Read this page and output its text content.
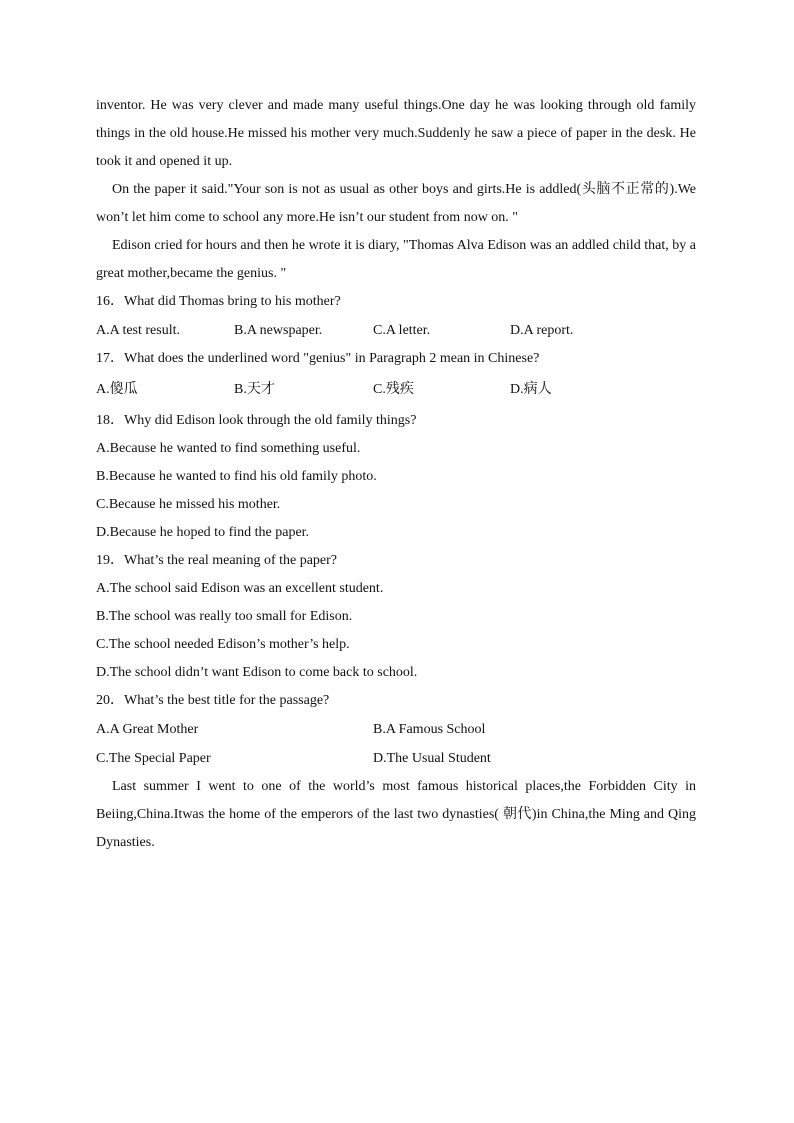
inventor. He was very clever and made many useful things.One day he was looking through old family things in the old house.He missed his mother very much.Suddenly he saw a piece of paper in the desk. He took it and opened it up.

On the paper it said."Your son is not as usual as other boys and girts.He is addled(头脑不正常的).We won’t let him come to school any more.He isn’t our student from now on. "

Edison cried for hours and then he wrote it is diary, "Thomas Alva Edison was an addled child that, by a great mother,became the genius. "

16．What did Thomas bring to his mother?
A.A test result.	B.A newspaper.	C.A letter.	D.A report.
17．What does the underlined word "genius" in Paragraph 2 mean in Chinese?
A.傻瓜	B.天才	C.残疾	D.病人
18．Why did Edison look through the old family things?
A.Because he wanted to find something useful.
B.Because he wanted to find his old family photo.
C.Because he missed his mother.
D.Because he hoped to find the paper.
19．What’s the real meaning of the paper?
A.The school said Edison was an excellent student.
B.The school was really too small for Edison.
C.The school needed Edison’s mother’s help.
D.The school didn’t want Edison to come back to school.
20．What’s the best title for the passage?
A.A Great Mother	B.A Famous School
C.The Special Paper	D.The Usual Student

Last summer I went to one of the world’s most famous historical places,the Forbidden City in Beiing,China.Itwas the home of the emperors of the last two dynasties( 朝代)in China,the Ming and Qing Dynasties.
